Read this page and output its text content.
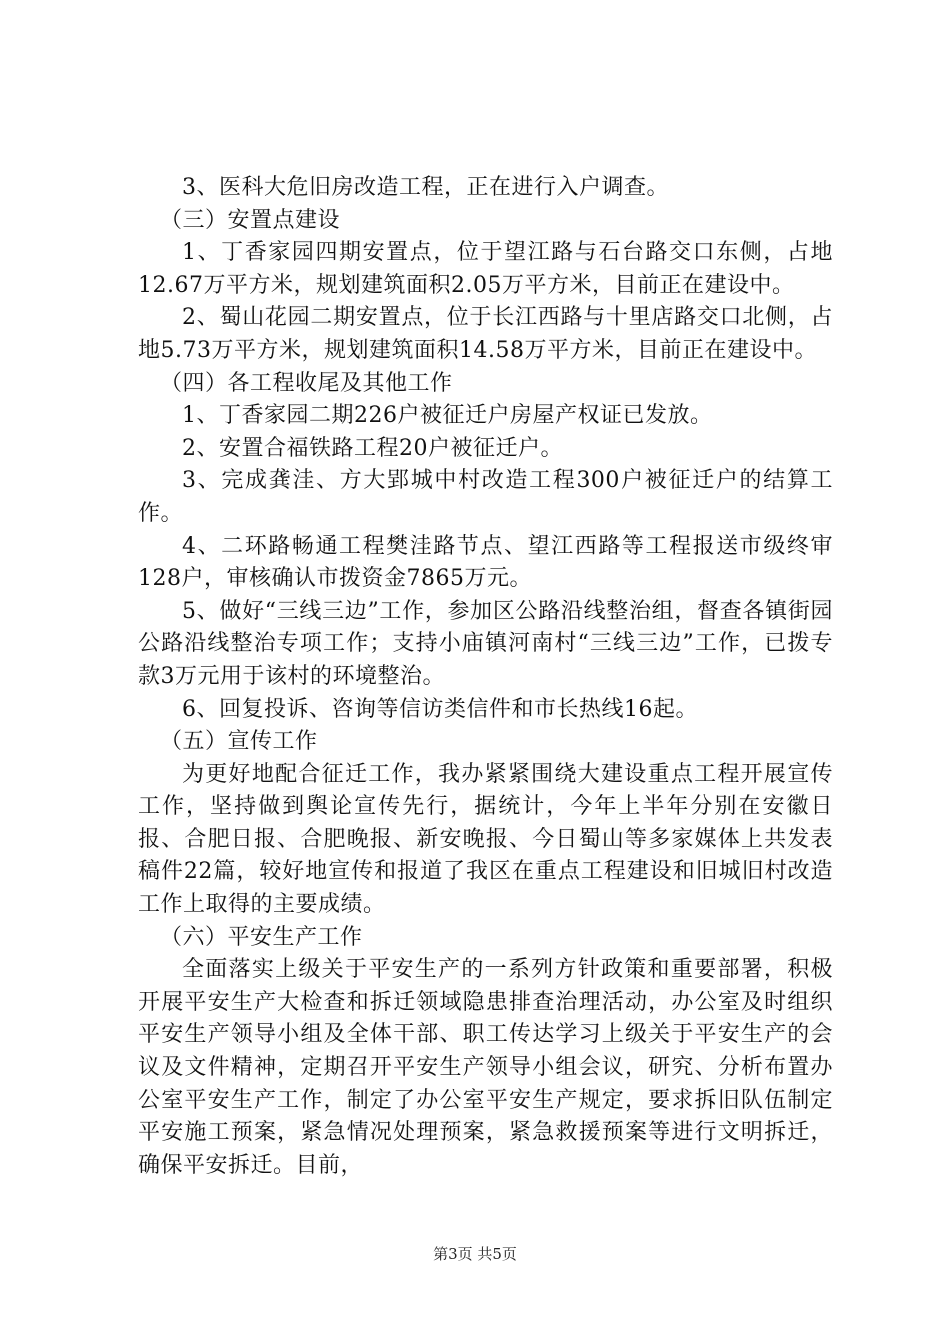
3、医科大危旧房改造工程，正在进行入户调查。

（三）安置点建设

1、丁香家园四期安置点，位于望江路与石台路交口东侧，占地12.67万平方米，规划建筑面积2.05万平方米，目前正在建设中。

2、蜀山花园二期安置点，位于长江西路与十里店路交口北侧，占地5.73万平方米，规划建筑面积14.58万平方米，目前正在建设中。

（四）各工程收尾及其他工作

1、丁香家园二期226户被征迁户房屋产权证已发放。

2、安置合福铁路工程20户被征迁户。

3、完成龚洼、方大郢城中村改造工程300户被征迁户的结算工作。

4、二环路畅通工程樊洼路节点、望江西路等工程报送市级终审128户，审核确认市拨资金7865万元。

5、做好“三线三边”工作，参加区公路沿线整治组，督查各镇街园公路沿线整治专项工作；支持小庙镇河南村“三线三边”工作，已拨专款3万元用于该村的环境整治。

6、回复投诉、咨询等信访类信件和市长热线16起。

（五）宣传工作

为更好地配合征迁工作，我办紧紧围绕大建设重点工程开展宣传工作，坚持做到舆论宣传先行，据统计，今年上半年分别在安徽日报、合肥日报、合肥晚报、新安晚报、今日蜀山等多家媒体上共发表稿件22篇，较好地宣传和报道了我区在重点工程建设和旧城旧村改造工作上取得的主要成绩。

（六）平安生产工作

全面落实上级关于平安生产的一系列方针政策和重要部署，积极开展平安生产大检查和拆迁领域隐患排查治理活动，办公室及时组织平安生产领导小组及全体干部、职工传达学习上级关于平安生产的会议及文件精神，定期召开平安生产领导小组会议，研究、分析布置办公室平安生产工作，制定了办公室平安生产规定，要求拆旧队伍制定平安施工预案，紧急情况处理预案，紧急救援预案等进行文明拆迁，确保平安拆迁。目前，

第3页 共5页
